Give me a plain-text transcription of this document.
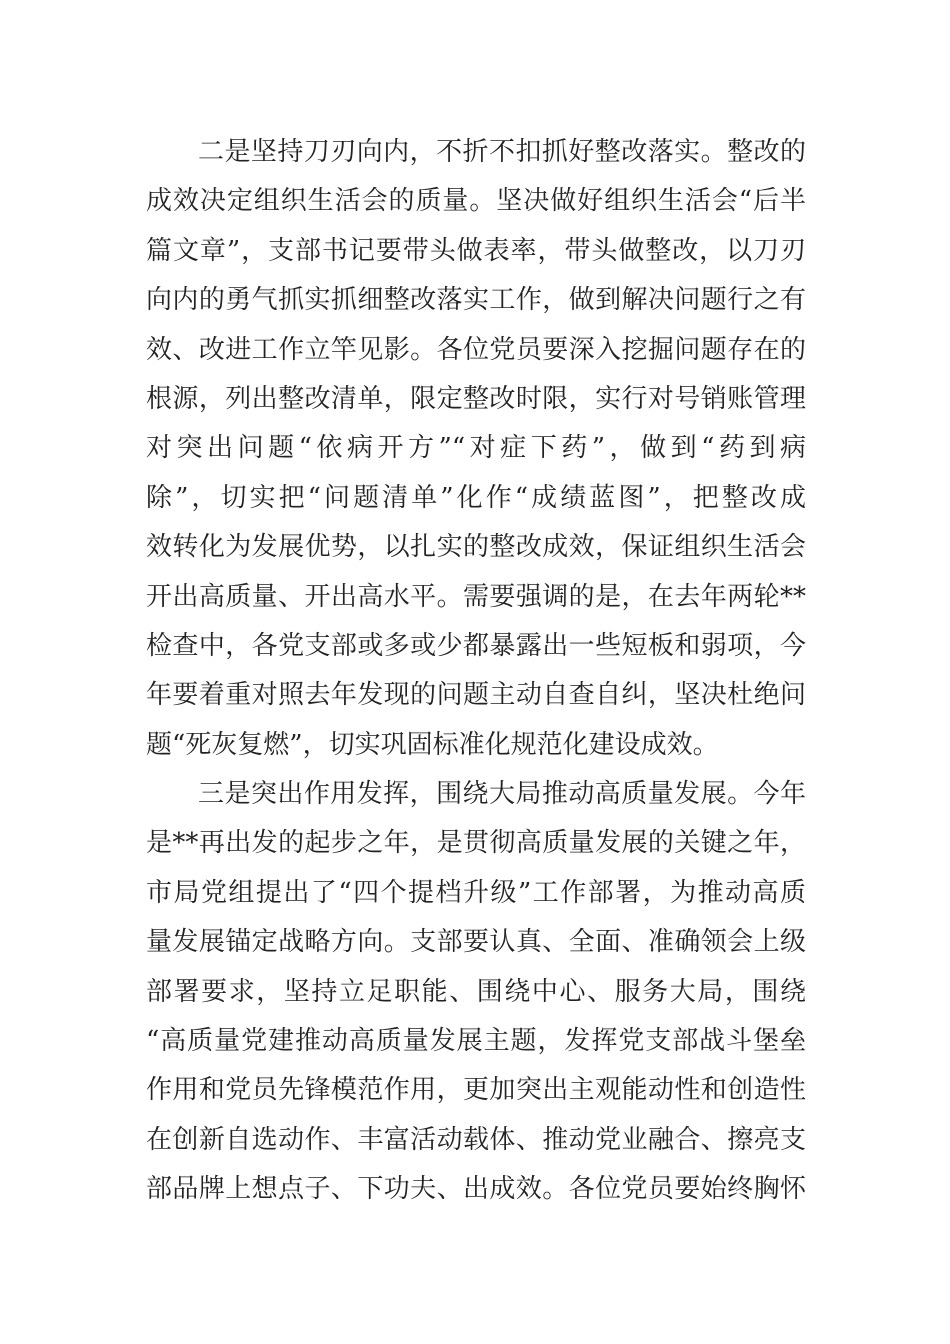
二是坚持刀刃向内，不折不扣抓好整改落实。整改的
成效决定组织生活会的质量。坚决做好组织生活会“后半
篇文章”，支部书记要带头做表率，带头做整改，以刀刃
向内的勇气抓实抓细整改落实工作，做到解决问题行之有
效、改进工作立竿见影。各位党员要深入挖掘问题存在的
根源，列出整改清单，限定整改时限，实行对号销账管理
对突出问题“依病开方”“对症下药”，做到“药到病
除”，切实把“问题清单”化作“成绩蓝图”，把整改成
效转化为发展优势，以扎实的整改成效，保证组织生活会
开出高质量、开出高水平。需要强调的是，在去年两轮**
检查中，各党支部或多或少都暴露出一些短板和弱项，今
年要着重对照去年发现的问题主动自查自纠，坚决杜绝问
题“死灰复燃”，切实巩固标准化规范化建设成效。
三是突出作用发挥，围绕大局推动高质量发展。今年
是**再出发的起步之年，是贯彻高质量发展的关键之年，
市局党组提出了“四个提档升级”工作部署，为推动高质
量发展锚定战略方向。支部要认真、全面、准确领会上级
部署要求，坚持立足职能、围绕中心、服务大局，围绕
“高质量党建推动高质量发展主题，发挥党支部战斗堡垒
作用和党员先锋模范作用，更加突出主观能动性和创造性
在创新自选动作、丰富活动载体、推动党业融合、擦亮支
部品牌上想点子、下功夫、出成效。各位党员要始终胸怀
